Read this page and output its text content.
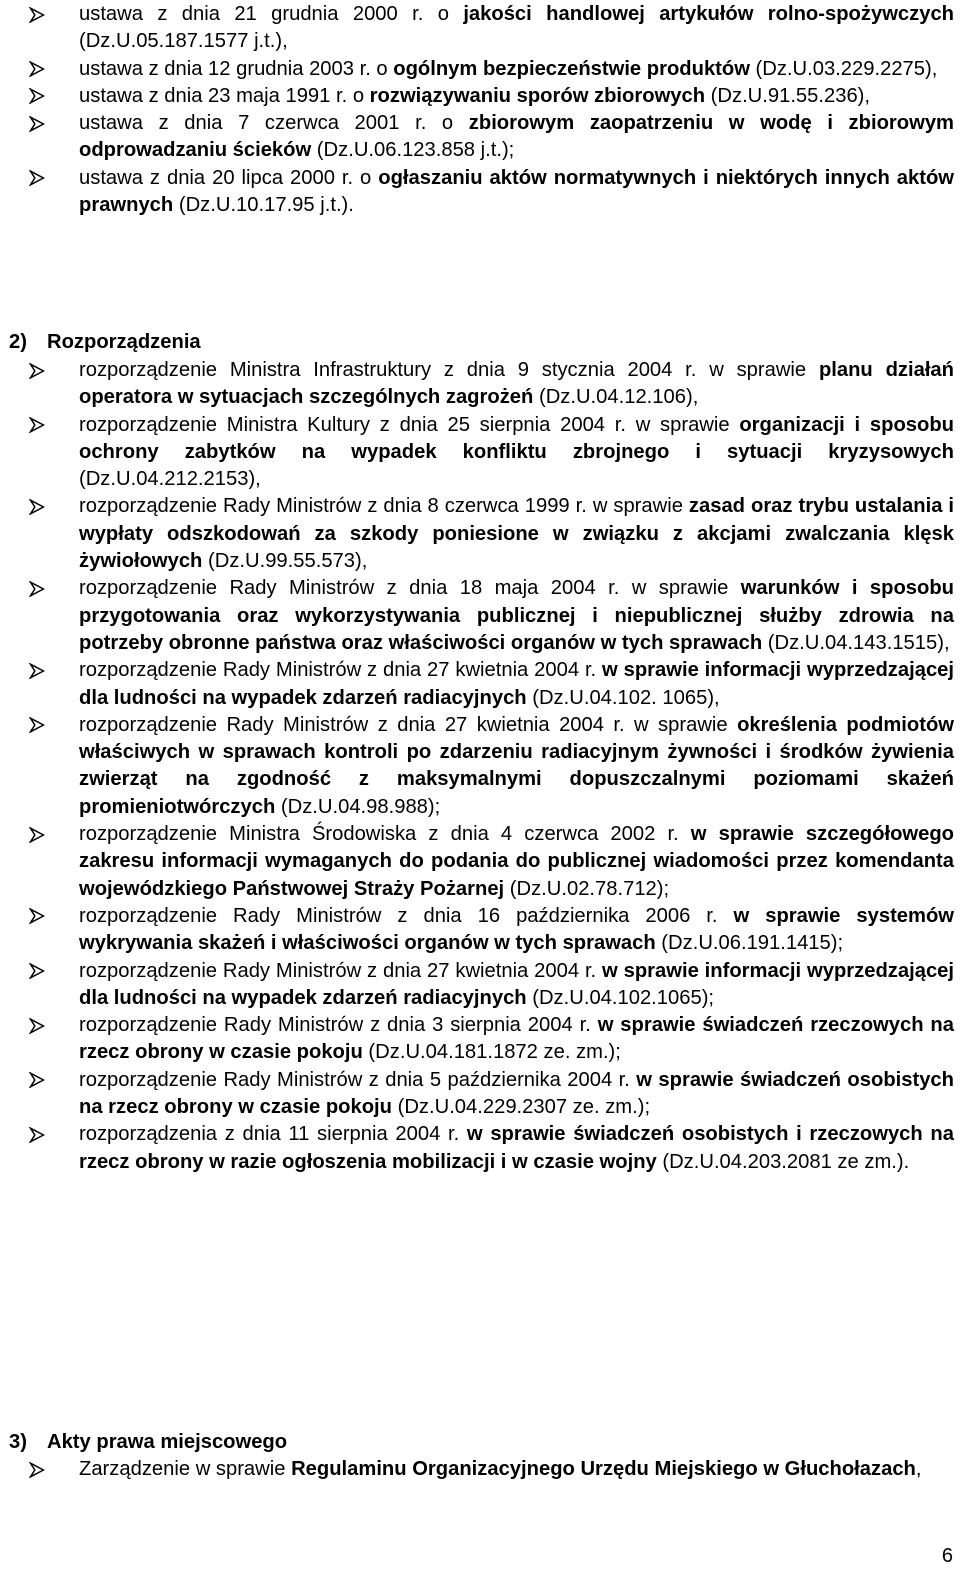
ustawa z dnia 21 grudnia 2000 r. o jakości handlowej artykułów rolno-spożywczych (Dz.U.05.187.1577 j.t.),

ustawa z dnia 12 grudnia 2003 r. o ogólnym bezpieczeństwie produktów (Dz.U.03.229.2275),

ustawa z dnia 23 maja 1991 r. o rozwiązywaniu sporów zbiorowych (Dz.U.91.55.236),

ustawa z dnia 7 czerwca 2001 r. o zbiorowym zaopatrzeniu w wodę i zbiorowym odprowadzaniu ścieków (Dz.U.06.123.858 j.t.);

ustawa z dnia 20 lipca 2000 r. o ogłaszaniu aktów normatywnych i niektórych innych aktów prawnych (Dz.U.10.17.95 j.t.).

2) Rozporządzenia

rozporządzenie Ministra Infrastruktury z dnia 9 stycznia 2004 r. w sprawie planu działań operatora w sytuacjach szczególnych zagrożeń (Dz.U.04.12.106),

rozporządzenie Ministra Kultury z dnia 25 sierpnia 2004 r. w sprawie organizacji i sposobu ochrony zabytków na wypadek konfliktu zbrojnego i sytuacji kryzysowych (Dz.U.04.212.2153),

rozporządzenie Rady Ministrów z dnia 8 czerwca 1999 r. w sprawie zasad oraz trybu ustalania i wypłaty odszkodowań za szkody poniesione w związku z akcjami zwalczania klęsk żywiołowych (Dz.U.99.55.573),

rozporządzenie Rady Ministrów z dnia 18 maja 2004 r. w sprawie warunków i sposobu przygotowania oraz wykorzystywania publicznej i niepublicznej służby zdrowia na potrzeby obronne państwa oraz właściwości organów w tych sprawach (Dz.U.04.143.1515),

rozporządzenie Rady Ministrów z dnia 27 kwietnia 2004 r. w sprawie informacji wyprzedzającej dla ludności na wypadek zdarzeń radiacyjnych (Dz.U.04.102. 1065),

rozporządzenie Rady Ministrów z dnia 27 kwietnia 2004 r. w sprawie określenia podmiotów właściwych w sprawach kontroli po zdarzeniu radiacyjnym żywności i środków żywienia zwierząt na zgodność z maksymalnymi dopuszczalnymi poziomami skażeń promieniotwórczych (Dz.U.04.98.988);

rozporządzenie Ministra Środowiska z dnia 4 czerwca 2002 r. w sprawie szczegółowego zakresu informacji wymaganych do podania do publicznej wiadomości przez komendanta wojewódzkiego Państwowej Straży Pożarnej (Dz.U.02.78.712);

rozporządzenie Rady Ministrów z dnia 16 października 2006 r. w sprawie systemów wykrywania skażeń i właściwości organów w tych sprawach (Dz.U.06.191.1415);

rozporządzenie Rady Ministrów z dnia 27 kwietnia 2004 r. w sprawie informacji wyprzedzającej dla ludności na wypadek zdarzeń radiacyjnych (Dz.U.04.102.1065);

rozporządzenie Rady Ministrów z dnia 3 sierpnia 2004 r. w sprawie świadczeń rzeczowych na rzecz obrony w czasie pokoju (Dz.U.04.181.1872 ze. zm.);

rozporządzenie Rady Ministrów z dnia 5 października 2004 r. w sprawie świadczeń osobistych na rzecz obrony w czasie pokoju (Dz.U.04.229.2307 ze. zm.);

rozporządzenia z dnia 11 sierpnia 2004 r. w sprawie świadczeń osobistych i rzeczowych na rzecz obrony w razie ogłoszenia mobilizacji i w czasie wojny (Dz.U.04.203.2081 ze zm.).

3) Akty prawa miejscowego

Zarządzenie w sprawie Regulaminu Organizacyjnego Urzędu Miejskiego w Głuchołazach,

6
